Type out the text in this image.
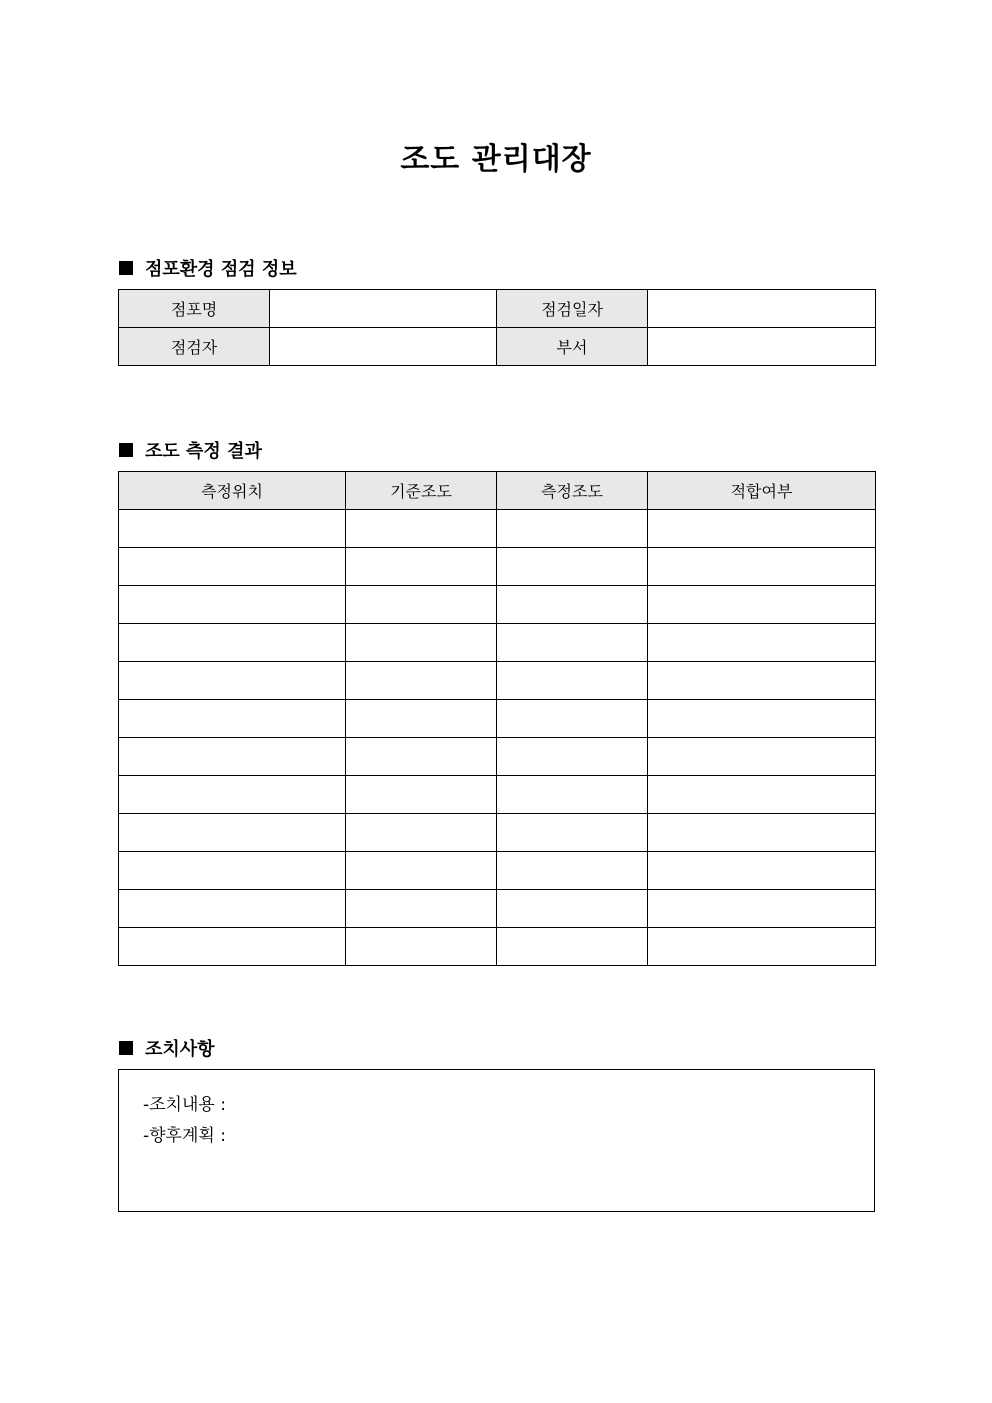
조도 관리대장
점포환경 점검 정보
점포명		점검일자	
점검자		부서	
조도 측정 결과
측정위치	기준조도	측정조도	적합여부

조치사항
-조치내용 :
-향후계획 :
